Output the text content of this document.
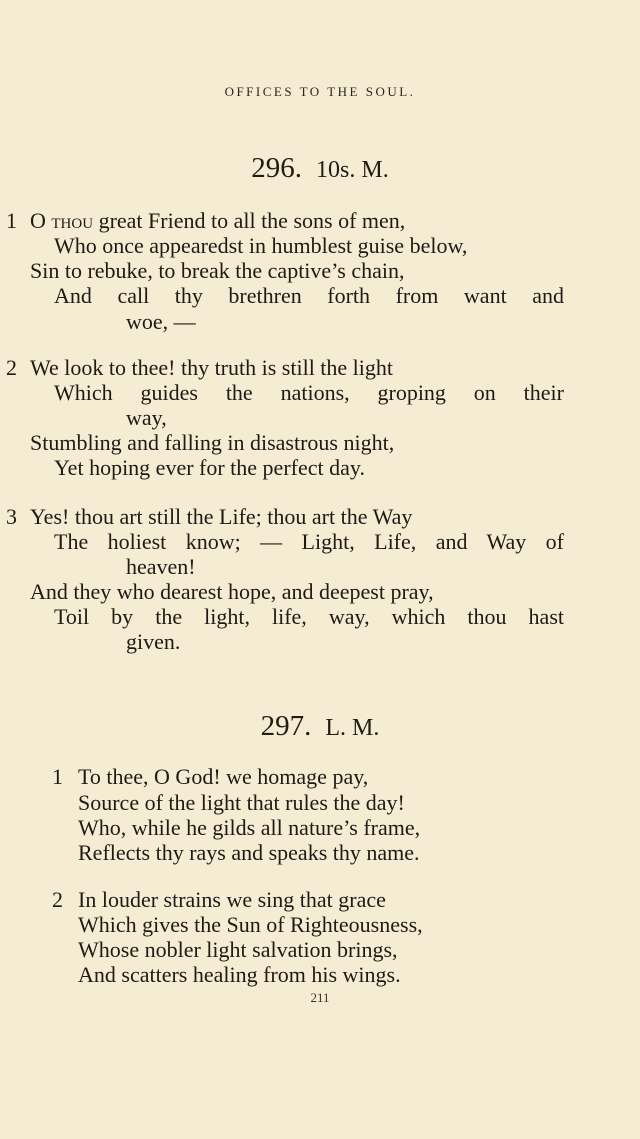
OFFICES TO THE SOUL.
296. 10s. M.
1 O thou great Friend to all the sons of men,
Who once appearedst in humblest guise below,
Sin to rebuke, to break the captive’s chain,
And call thy brethren forth from want and
woe, —
2 We look to thee! thy truth is still the light
Which guides the nations, groping on their
way,
Stumbling and falling in disastrous night,
Yet hoping ever for the perfect day.
3 Yes! thou art still the Life; thou art the Way
The holiest know; — Light, Life, and Way of
heaven!
And they who dearest hope, and deepest pray,
Toil by the light, life, way, which thou hast
given.
297. L. M.
1 To thee, O God! we homage pay,
Source of the light that rules the day!
Who, while he gilds all nature’s frame,
Reflects thy rays and speaks thy name.
2 In louder strains we sing that grace
Which gives the Sun of Righteousness,
Whose nobler light salvation brings,
And scatters healing from his wings.
211
